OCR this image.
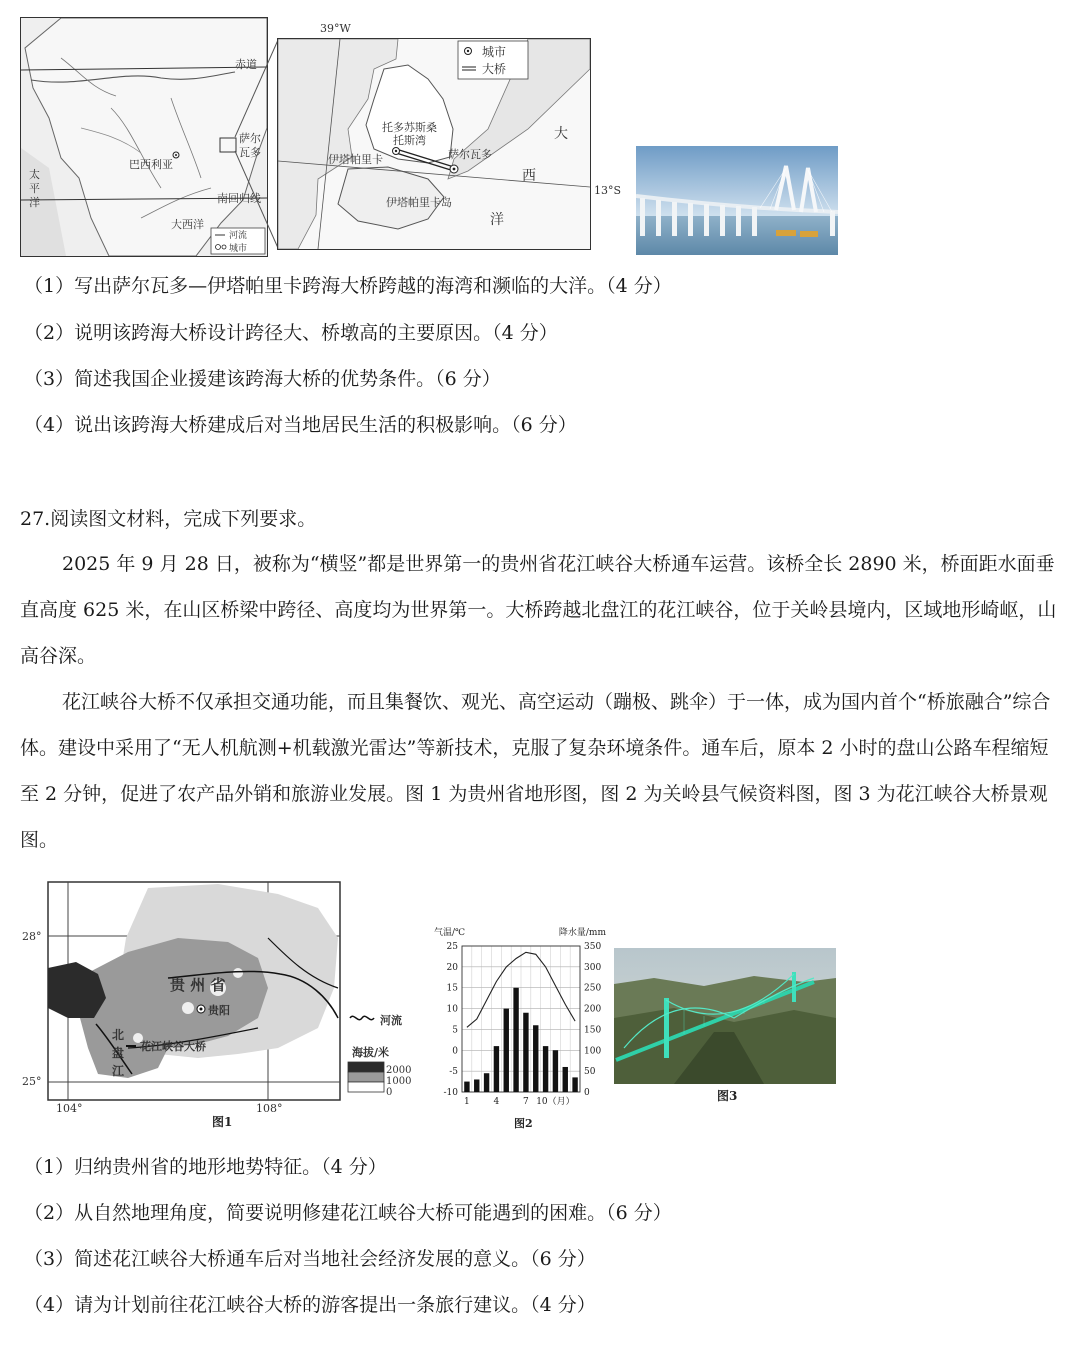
赤道
萨尔
瓦多
巴西利亚
太
平
洋
大西洋
南回归线
河流
城市
39°W
城市
大桥
托多苏斯桑
托斯湾
伊塔帕里卡	萨尔瓦多
伊塔帕里卡岛
大
西
洋
13°S
（1）写出萨尔瓦多—伊塔帕里卡跨海大桥跨越的海湾和濒临的大洋。（4 分）
（2）说明该跨海大桥设计跨径大、桥墩高的主要原因。（4 分）
（3）简述我国企业援建该跨海大桥的优势条件。（6 分）
（4）说出该跨海大桥建成后对当地居民生活的积极影响。（6 分）
27.阅读图文材料，完成下列要求。

2025 年 9 月 28 日，被称为“横竖”都是世界第一的贵州省花江峡谷大桥通车运营。该桥全长 2890 米，桥面距水面垂直高度 625 米，在山区桥梁中跨径、高度均为世界第一。大桥跨越北盘江的花江峡谷，位于关岭县境内，区域地形崎岖，山高谷深。

花江峡谷大桥不仅承担交通功能，而且集餐饮、观光、高空运动（蹦极、跳伞）于一体，成为国内首个“桥旅融合”综合体。建设中采用了“无人机航测+机载激光雷达”等新技术，克服了复杂环境条件。通车后，原本 2 小时的盘山公路车程缩短至 2 分钟，促进了农产品外销和旅游业发展。图 1 为贵州省地形图，图 2 为关岭县气候资料图，图 3 为花江峡谷大桥景观图。

28°
25°
104°	108°
贵 州 省
贵阳
北
盘
江
花江峡谷大桥
河流
海拔/米
2000
1000
0
图1
25
20
15
10
5
0
-5
-10
350
300
250
200
150
100
50
0
1	4	7 10（月）
气温/℃	降水量/mm
图2
图3
（1）归纳贵州省的地形地势特征。（4 分）
（2）从自然地理角度，简要说明修建花江峡谷大桥可能遇到的困难。（6 分）
（3）简述花江峡谷大桥通车后对当地社会经济发展的意义。（6 分）
（4）请为计划前往花江峡谷大桥的游客提出一条旅行建议。（4 分）
